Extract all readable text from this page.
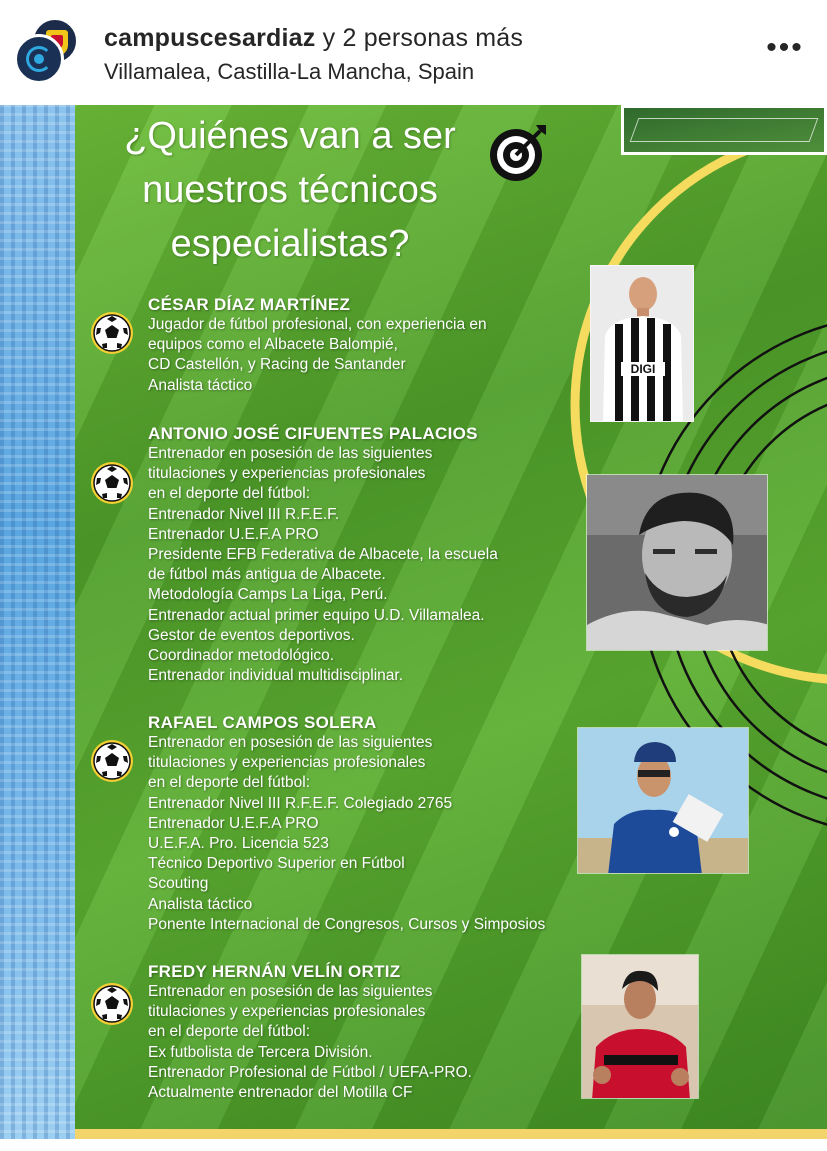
campuscesardiaz y 2 personas más
Villamalea, Castilla-La Mancha, Spain
•••
¿Quiénes van a ser
nuestros técnicos
especialistas?
CÉSAR DÍAZ MARTÍNEZ
Jugador de fútbol profesional, con experiencia en
equipos como el Albacete Balompié,
CD Castellón, y Racing de Santander
Analista táctico
DIGI
ANTONIO JOSÉ CIFUENTES PALACIOS
Entrenador en posesión de las siguientes
titulaciones y experiencias profesionales
en el deporte del fútbol:
Entrenador Nivel III R.F.E.F.
Entrenador U.E.F.A PRO
Presidente EFB Federativa de Albacete, la escuela
de fútbol más antigua de Albacete.
Metodología Camps La Liga, Perú.
Entrenador actual primer equipo U.D. Villamalea.
Gestor de eventos deportivos.
Coordinador metodológico.
Entrenador individual multidisciplinar.
RAFAEL CAMPOS SOLERA
Entrenador en posesión de las siguientes
titulaciones y experiencias profesionales
en el deporte del fútbol:
Entrenador Nivel III R.F.E.F. Colegiado 2765
Entrenador U.E.F.A PRO
U.E.F.A. Pro. Licencia 523
Técnico Deportivo Superior en Fútbol
Scouting
Analista táctico
Ponente Internacional de Congresos, Cursos y Simposios
FREDY HERNÁN VELÍN ORTIZ
Entrenador en posesión de las siguientes
titulaciones y experiencias profesionales
en el deporte del fútbol:
Ex futbolista de Tercera División.
Entrenador Profesional de Fútbol / UEFA-PRO.
Actualmente entrenador del Motilla CF
